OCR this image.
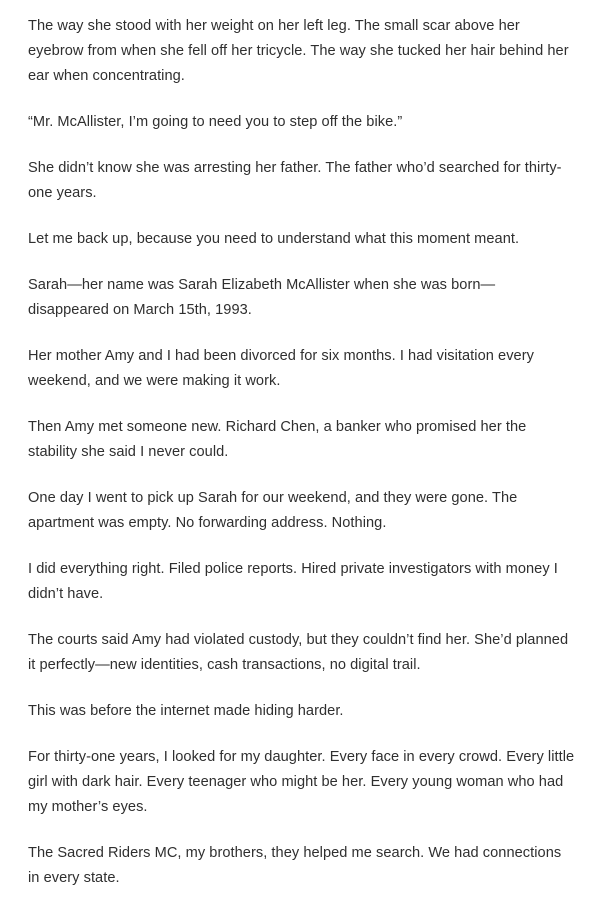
The way she stood with her weight on her left leg. The small scar above her eyebrow from when she fell off her tricycle. The way she tucked her hair behind her ear when concentrating.

“Mr. McAllister, I’m going to need you to step off the bike.”

She didn’t know she was arresting her father. The father who’d searched for thirty-one years.

Let me back up, because you need to understand what this moment meant.

Sarah—her name was Sarah Elizabeth McAllister when she was born—disappeared on March 15th, 1993.

Her mother Amy and I had been divorced for six months. I had visitation every weekend, and we were making it work.

Then Amy met someone new. Richard Chen, a banker who promised her the stability she said I never could.

One day I went to pick up Sarah for our weekend, and they were gone. The apartment was empty. No forwarding address. Nothing.

I did everything right. Filed police reports. Hired private investigators with money I didn’t have.

The courts said Amy had violated custody, but they couldn’t find her. She’d planned it perfectly—new identities, cash transactions, no digital trail.

This was before the internet made hiding harder.

For thirty-one years, I looked for my daughter. Every face in every crowd. Every little girl with dark hair. Every teenager who might be her. Every young woman who had my mother’s eyes.

The Sacred Riders MC, my brothers, they helped me search. We had connections in every state.
